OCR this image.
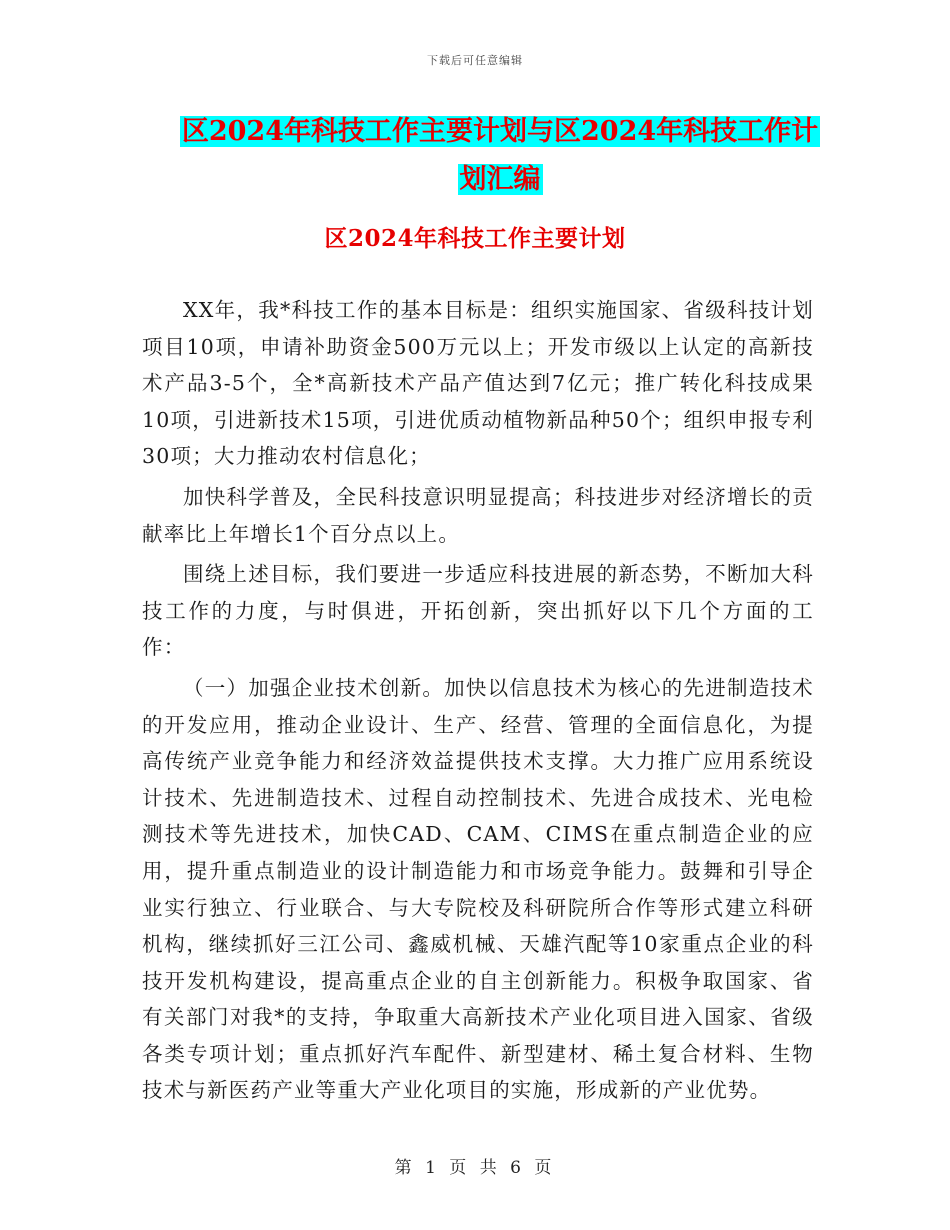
下载后可任意编辑
区2024年科技工作主要计划与区2024年科技工作计
划汇编
区2024年科技工作主要计划

XX年，我*科技工作的基本目标是：组织实施国家、省级科技计划项目10项，申请补助资金500万元以上；开发市级以上认定的高新技术产品3-5个，全*高新技术产品产值达到7亿元；推广转化科技成果10项，引进新技术15项，引进优质动植物新品种50个；组织申报专利30项；大力推动农村信息化；

加快科学普及，全民科技意识明显提高；科技进步对经济增长的贡献率比上年增长1个百分点以上。

围绕上述目标，我们要进一步适应科技进展的新态势，不断加大科技工作的力度，与时俱进，开拓创新，突出抓好以下几个方面的工作：

（一）加强企业技术创新。加快以信息技术为核心的先进制造技术的开发应用，推动企业设计、生产、经营、管理的全面信息化，为提高传统产业竞争能力和经济效益提供技术支撑。大力推广应用系统设计技术、先进制造技术、过程自动控制技术、先进合成技术、光电检测技术等先进技术，加快CAD、CAM、CIMS在重点制造企业的应用，提升重点制造业的设计制造能力和市场竞争能力。鼓舞和引导企业实行独立、行业联合、与大专院校及科研院所合作等形式建立科研机构，继续抓好三江公司、鑫威机械、天雄汽配等10家重点企业的科技开发机构建设，提高重点企业的自主创新能力。积极争取国家、省有关部门对我*的支持，争取重大高新技术产业化项目进入国家、省级各类专项计划；重点抓好汽车配件、新型建材、稀土复合材料、生物技术与新医药产业等重大产业化项目的实施，形成新的产业优势。

第 1 页 共 6 页
